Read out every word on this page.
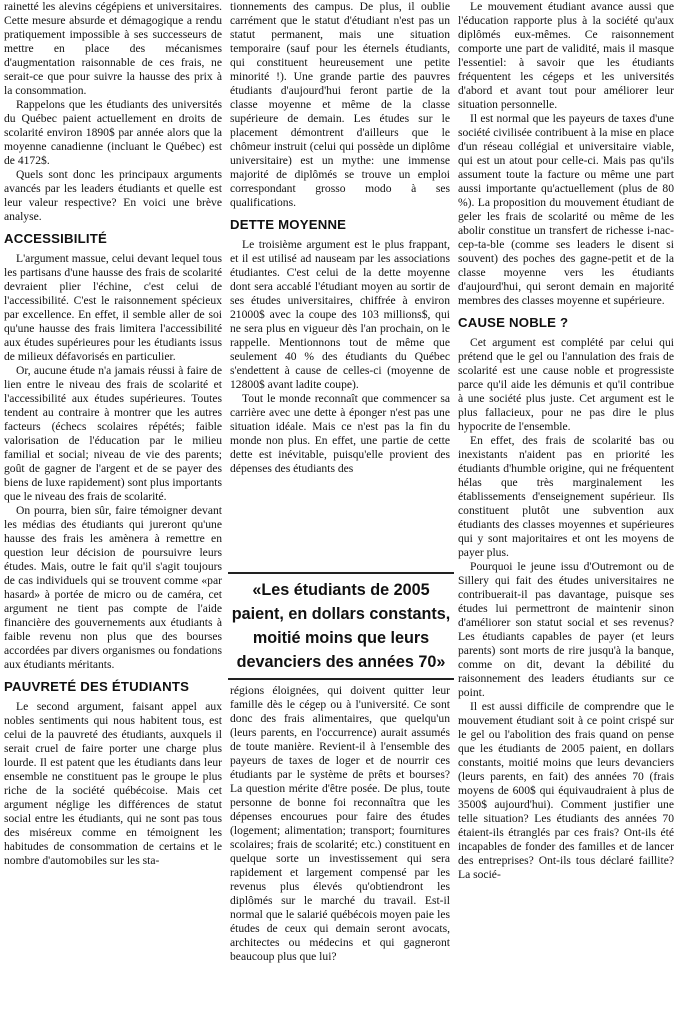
rainetté les alevins cégépiens et universitaires. Cette mesure absurde et démagogique a rendu pratiquement impossible à ses successeurs de mettre en place des mécanismes d'augmentation raisonnable de ces frais, ne serait-ce que pour suivre la hausse des prix à la consommation.

Rappelons que les étudiants des universités du Québec paient actuellement en droits de scolarité environ 1890$ par année alors que la moyenne canadienne (incluant le Québec) est de 4172$.

Quels sont donc les principaux arguments avancés par les leaders étudiants et quelle est leur valeur respective? En voici une brève analyse.

ACCESSIBILITÉ

L'argument massue, celui devant lequel tous les partisans d'une hausse des frais de scolarité devraient plier l'échine, c'est celui de l'accessibilité. C'est le raisonnement spécieux par excellence. En effet, il semble aller de soi qu'une hausse des frais limitera l'accessibilité aux études supérieures pour les étudiants issus de milieux défavorisés en particulier.

Or, aucune étude n'a jamais réussi à faire de lien entre le niveau des frais de scolarité et l'accessibilité aux études supérieures. Toutes tendent au contraire à montrer que les autres facteurs (échecs scolaires répétés; faible valorisation de l'éducation par le milieu familial et social; niveau de vie des parents; goût de gagner de l'argent et de se payer des biens de luxe rapidement) sont plus importants que le niveau des frais de scolarité.

On pourra, bien sûr, faire témoigner devant les médias des étudiants qui jureront qu'une hausse des frais les amènera à remettre en question leur décision de poursuivre leurs études. Mais, outre le fait qu'il s'agit toujours de cas individuels qui se trouvent comme «par hasard» à portée de micro ou de caméra, cet argument ne tient pas compte de l'aide financière des gouvernements aux étudiants à faible revenu non plus que des bourses accordées par divers organismes ou fondations aux étudiants méritants.

PAUVRETÉ DES ÉTUDIANTS

Le second argument, faisant appel aux nobles sentiments qui nous habitent tous, est celui de la pauvreté des étudiants, auxquels il serait cruel de faire porter une charge plus lourde. Il est patent que les étudiants dans leur ensemble ne constituent pas le groupe le plus riche de la société québécoise. Mais cet argument néglige les différences de statut social entre les étudiants, qui ne sont pas tous des miséreux comme en témoignent les habitudes de consommation de certains et le nombre d'automobiles sur les sta-

tionnements des campus. De plus, il oublie carrément que le statut d'étudiant n'est pas un statut permanent, mais une situation temporaire (sauf pour les éternels étudiants, qui constituent heureusement une petite minorité !). Une grande partie des pauvres étudiants d'aujourd'hui feront partie de la classe moyenne et même de la classe supérieure de demain. Les études sur le placement démontrent d'ailleurs que le chômeur instruit (celui qui possède un diplôme universitaire) est un mythe: une immense majorité de diplômés se trouve un emploi correspondant grosso modo à ses qualifications.

DETTE MOYENNE

Le troisième argument est le plus frappant, et il est utilisé ad nauseam par les associations étudiantes. C'est celui de la dette moyenne dont sera accablé l'étudiant moyen au sortir de ses études universitaires, chiffrée à environ 21000$ avec la coupe des 103 millions$, qui ne sera plus en vigueur dès l'an prochain, on le rappelle. Mentionnons tout de même que seulement 40 % des étudiants du Québec s'endettent à cause de celles-ci (moyenne de 12800$ avant ladite coupe).

Tout le monde reconnaît que commencer sa carrière avec une dette à éponger n'est pas une situation idéale. Mais ce n'est pas la fin du monde non plus. En effet, une partie de cette dette est inévitable, puisqu'elle provient des dépenses des étudiants des

«Les étudiants de 2005
paient, en dollars constants,
moitié moins que leurs
devanciers des années 70»

régions éloignées, qui doivent quitter leur famille dès le cégep ou à l'université. Ce sont donc des frais alimentaires, que quelqu'un (leurs parents, en l'occurrence) aurait assumés de toute manière. Revient-il à l'ensemble des payeurs de taxes de loger et de nourrir ces étudiants par le système de prêts et bourses? La question mérite d'être posée. De plus, toute personne de bonne foi reconnaîtra que les dépenses encourues pour faire des études (logement; alimentation; transport; fournitures scolaires; frais de scolarité; etc.) constituent en quelque sorte un investissement qui sera rapidement et largement compensé par les revenus plus élevés qu'obtiendront les diplômés sur le marché du travail. Est-il normal que le salarié québécois moyen paie les études de ceux qui demain seront avocats, architectes ou médecins et qui gagneront beaucoup plus que lui?

Le mouvement étudiant avance aussi que l'éducation rapporte plus à la société qu'aux diplômés eux-mêmes. Ce raisonnement comporte une part de validité, mais il masque l'essentiel: à savoir que les étudiants fréquentent les cégeps et les universités d'abord et avant tout pour améliorer leur situation personnelle.

Il est normal que les payeurs de taxes d'une société civilisée contribuent à la mise en place d'un réseau collégial et universitaire viable, qui est un atout pour celle-ci. Mais pas qu'ils assument toute la facture ou même une part aussi importante qu'actuellement (plus de 80 %). La proposition du mouvement étudiant de geler les frais de scolarité ou même de les abolir constitue un transfert de richesse i-nac-cep-ta-ble (comme ses leaders le disent si souvent) des poches des gagne-petit et de la classe moyenne vers les étudiants d'aujourd'hui, qui seront demain en majorité membres des classes moyenne et supérieure.

CAUSE NOBLE ?

Cet argument est complété par celui qui prétend que le gel ou l'annulation des frais de scolarité est une cause noble et progressiste parce qu'il aide les démunis et qu'il contribue à une société plus juste. Cet argument est le plus fallacieux, pour ne pas dire le plus hypocrite de l'ensemble.

En effet, des frais de scolarité bas ou inexistants n'aident pas en priorité les étudiants d'humble origine, qui ne fréquentent hélas que très marginalement les établissements d'enseignement supérieur. Ils constituent plutôt une subvention aux étudiants des classes moyennes et supérieures qui y sont majoritaires et ont les moyens de payer plus.

Pourquoi le jeune issu d'Outremont ou de Sillery qui fait des études universitaires ne contribuerait-il pas davantage, puisque ses études lui permettront de maintenir sinon d'améliorer son statut social et ses revenus? Les étudiants capables de payer (et leurs parents) sont morts de rire jusqu'à la banque, comme on dit, devant la débilité du raisonnement des leaders étudiants sur ce point.

Il est aussi difficile de comprendre que le mouvement étudiant soit à ce point crispé sur le gel ou l'abolition des frais quand on pense que les étudiants de 2005 paient, en dollars constants, moitié moins que leurs devanciers (leurs parents, en fait) des années 70 (frais moyens de 600$ qui équivaudraient à plus de 3500$ aujourd'hui). Comment justifier une telle situation? Les étudiants des années 70 étaient-ils étranglés par ces frais? Ont-ils été incapables de fonder des familles et de lancer des entreprises? Ont-ils tous déclaré faillite? La socié-
